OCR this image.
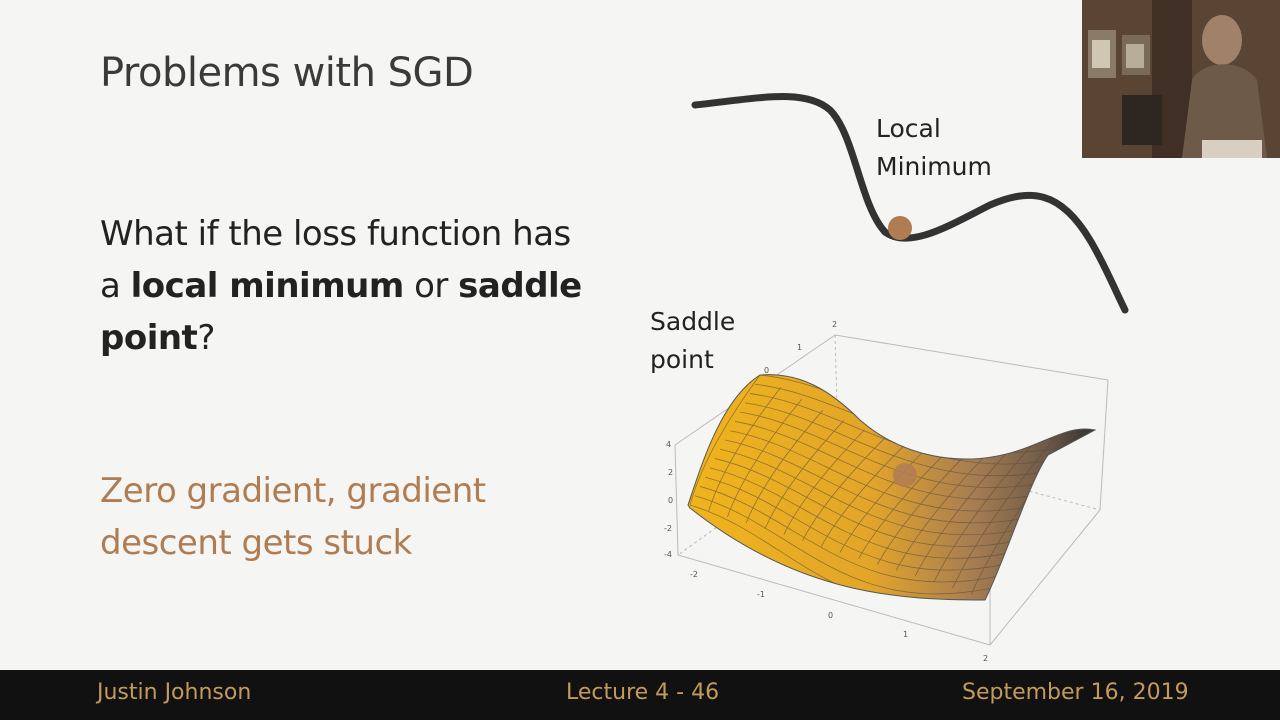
Problems with SGD
What if the loss function has a local minimum or saddle point?
Zero gradient, gradient descent gets stuck
2
1
0
4
2
0
-2
-4
-2
-1
0
1
2
Local Minimum
Saddle point
Justin Johnson	Lecture 4 - 46	September 16, 2019
